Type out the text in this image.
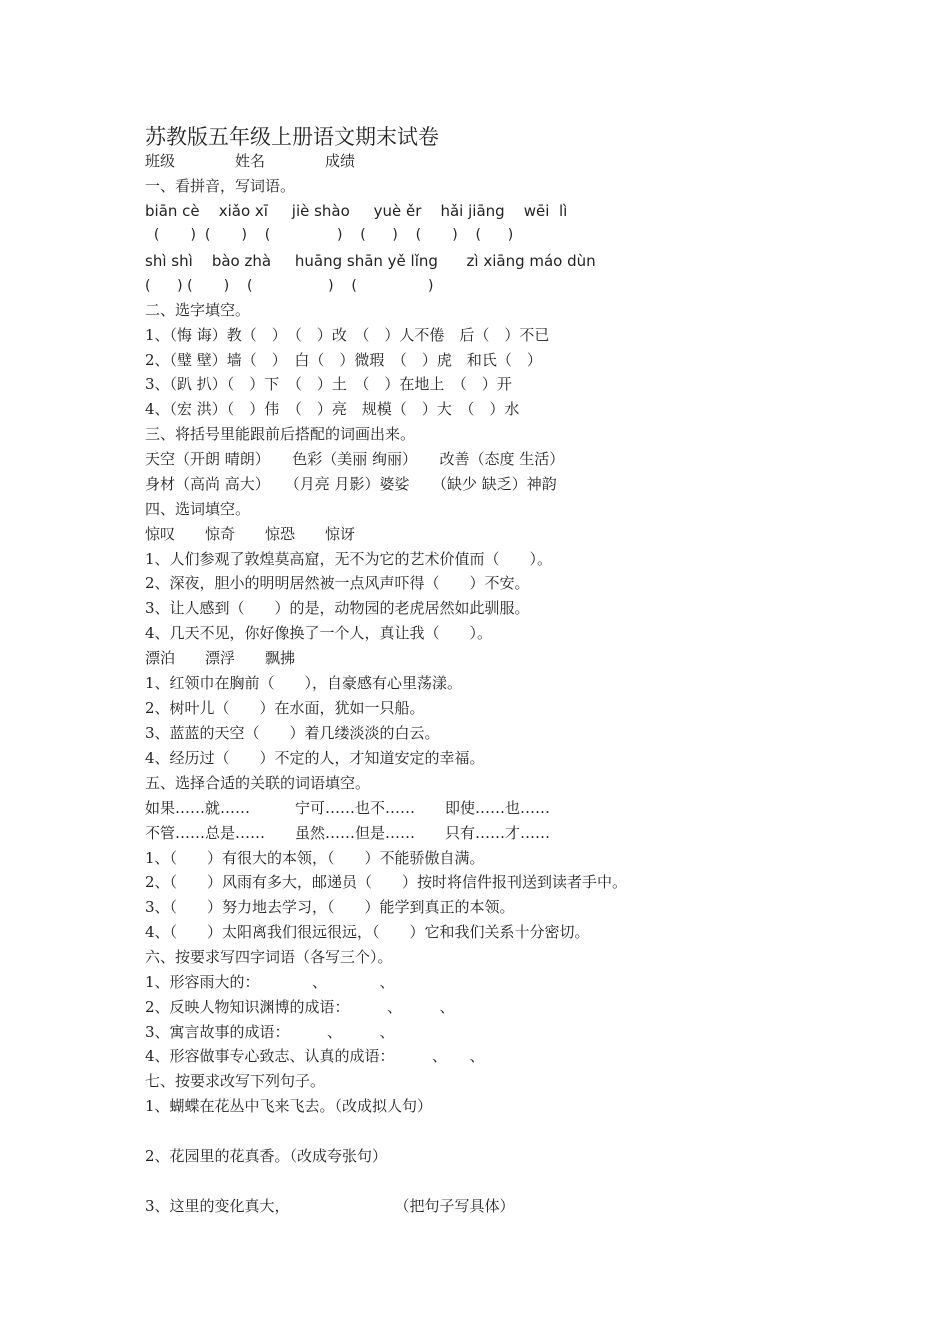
苏教版五年级上册语文期末试卷
班级　　　　姓名　　　　成绩
一、看拼音，写词语。
biān cè    xiǎo xī     jiè shào     yuè ěr    hǎi jiāng    wēi  lì
(       )  (       )    (               )    (      )    (       )    (      )
shì shì    bào zhà     huāng shān yě lǐng      zì xiāng máo dùn
(      ) (       )    (                 )    (                )
二、选字填空。
1、（悔 诲）教（　）　（　）改　（　）人不倦　后（　）不已
2、（璧 壁）墙（　）　白（　）微瑕　（　）虎　和氏（　）
3、（趴 扒）（　）下　（　）土　（　）在地上　（　）开
4、（宏 洪）（　）伟　（　）亮　规模（　）大　（　）水
三、将括号里能跟前后搭配的词画出来。
天空（开朗 晴朗）　　色彩（美丽 绚丽）　　改善（态度 生活）
身材（高尚 高大）　　（月亮 月影）婆娑　　（缺少 缺乏）神韵
四、选词填空。
惊叹　　惊奇　　惊恐　　惊讶
1、人们参观了敦煌莫高窟，无不为它的艺术价值而（　　）。
2、深夜，胆小的明明居然被一点风声吓得（　　）不安。
3、让人感到（　　）的是，动物园的老虎居然如此驯服。
4、几天不见，你好像换了一个人，真让我（　　）。
漂泊　　漂浮　　飘拂
1、红领巾在胸前（　　），自豪感有心里荡漾。
2、树叶儿（　　）在水面，犹如一只船。
3、蓝蓝的天空（　　）着几缕淡淡的白云。
4、经历过（　　）不定的人，才知道安定的幸福。
五、选择合适的关联的词语填空。
如果……就……　　　宁可……也不……　　即使……也……
不管……总是……　　虽然……但是……　　只有……才……
1、（　　）有很大的本领，（　　）不能骄傲自满。
2、（　　）风雨有多大，邮递员（　　）按时将信件报刊送到读者手中。
3、（　　）努力地去学习，（　　）能学到真正的本领。
4、（　　）太阳离我们很远很远，（　　）它和我们关系十分密切。
六、按要求写四字词语（各写三个）。
1、形容雨大的：　　　　、　　　　、
2、反映人物知识渊博的成语：　　　、　　　、
3、寓言故事的成语：　　　、　　　、
4、形容做事专心致志、认真的成语：　　　、　　、
七、按要求改写下列句子。
1、蝴蝶在花丛中飞来飞去。（改成拟人句）
2、花园里的花真香。（改成夸张句）
3、这里的变化真大，　　　　　　　　（把句子写具体）
